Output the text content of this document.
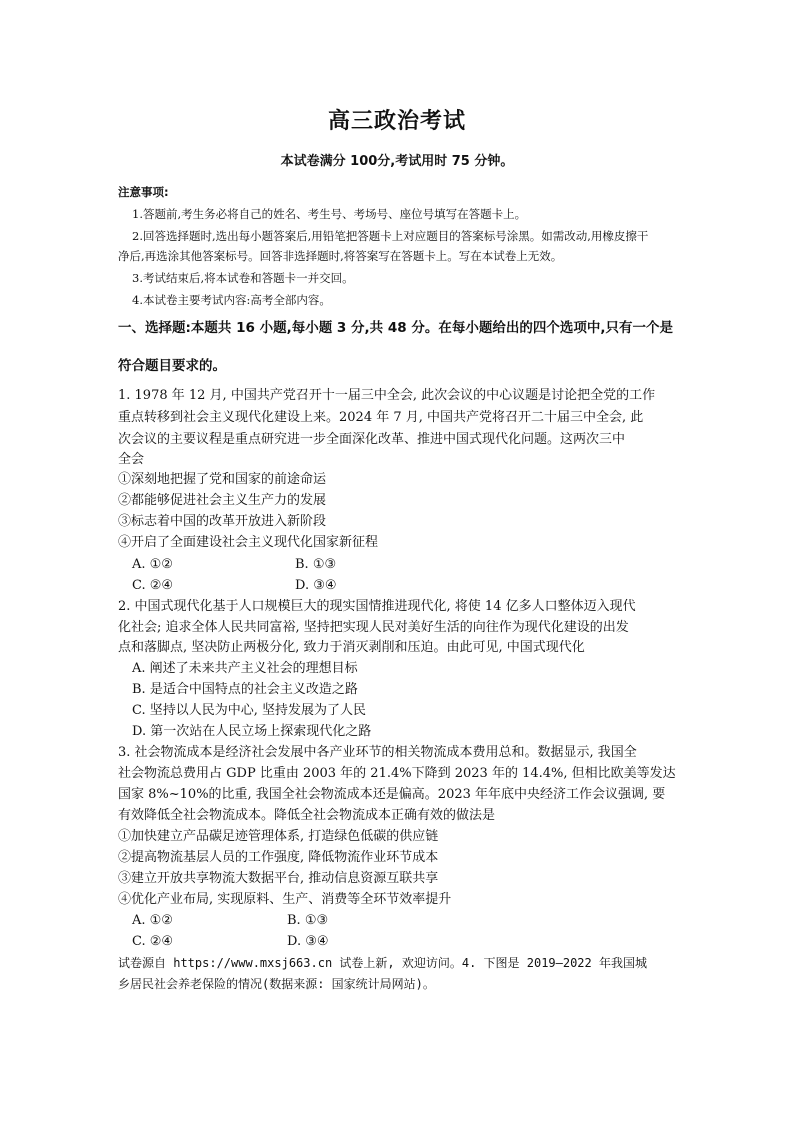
高三政治考试
本试卷满分 100分,考试用时 75 分钟。
注意事项:
1.答题前,考生务必将自己的姓名、考生号、考场号、座位号填写在答题卡上。
2.回答选择题时,选出每小题答案后,用铅笔把答题卡上对应题目的答案标号涂黑。如需改动,用橡皮擦干
净后,再选涂其他答案标号。回答非选择题时,将答案写在答题卡上。写在本试卷上无效。
3.考试结束后,将本试卷和答题卡一并交回。
4.本试卷主要考试内容:高考全部内容。
一、选择题:本题共 16 小题,每小题 3 分,共 48 分。在每小题给出的四个选项中,只有一个是
符合题目要求的。
1. 1978 年 12 月, 中国共产党召开十一届三中全会, 此次会议的中心议题是讨论把全党的工作
重点转移到社会主义现代化建设上来。2024 年 7 月, 中国共产党将召开二十届三中全会, 此
次会议的主要议程是重点研究进一步全面深化改革、推进中国式现代化问题。这两次三中
全会
①深刻地把握了党和国家的前途命运
②都能够促进社会主义生产力的发展
③标志着中国的改革开放进入新阶段
④开启了全面建设社会主义现代化国家新征程
A. ①②	B. ①③
C. ②④	D. ③④
2. 中国式现代化基于人口规模巨大的现实国情推进现代化, 将使 14 亿多人口整体迈入现代
化社会; 追求全体人民共同富裕, 坚持把实现人民对美好生活的向往作为现代化建设的出发
点和落脚点, 坚决防止两极分化, 致力于消灭剥削和压迫。由此可见, 中国式现代化
A. 阐述了未来共产主义社会的理想目标
B. 是适合中国特点的社会主义改造之路
C. 坚持以人民为中心, 坚持发展为了人民
D. 第一次站在人民立场上探索现代化之路
3. 社会物流成本是经济社会发展中各产业环节的相关物流成本费用总和。数据显示, 我国全
社会物流总费用占 GDP 比重由 2003 年的 21.4%下降到 2023 年的 14.4%, 但相比欧美等发达
国家 8%~10%的比重, 我国全社会物流成本还是偏高。2023 年年底中央经济工作会议强调, 要
有效降低全社会物流成本。降低全社会物流成本正确有效的做法是
①加快建立产品碳足迹管理体系, 打造绿色低碳的供应链
②提高物流基层人员的工作强度, 降低物流作业环节成本
③建立开放共享物流大数据平台, 推动信息资源互联共享
④优化产业布局, 实现原料、生产、消费等全环节效率提升
A. ①②	B. ①③
C. ②④	D. ③④
试卷源自 https://www.mxsj663.cn 试卷上新, 欢迎访问。4. 下图是 2019—2022 年我国城
乡居民社会养老保险的情况(数据来源: 国家统计局网站)。
